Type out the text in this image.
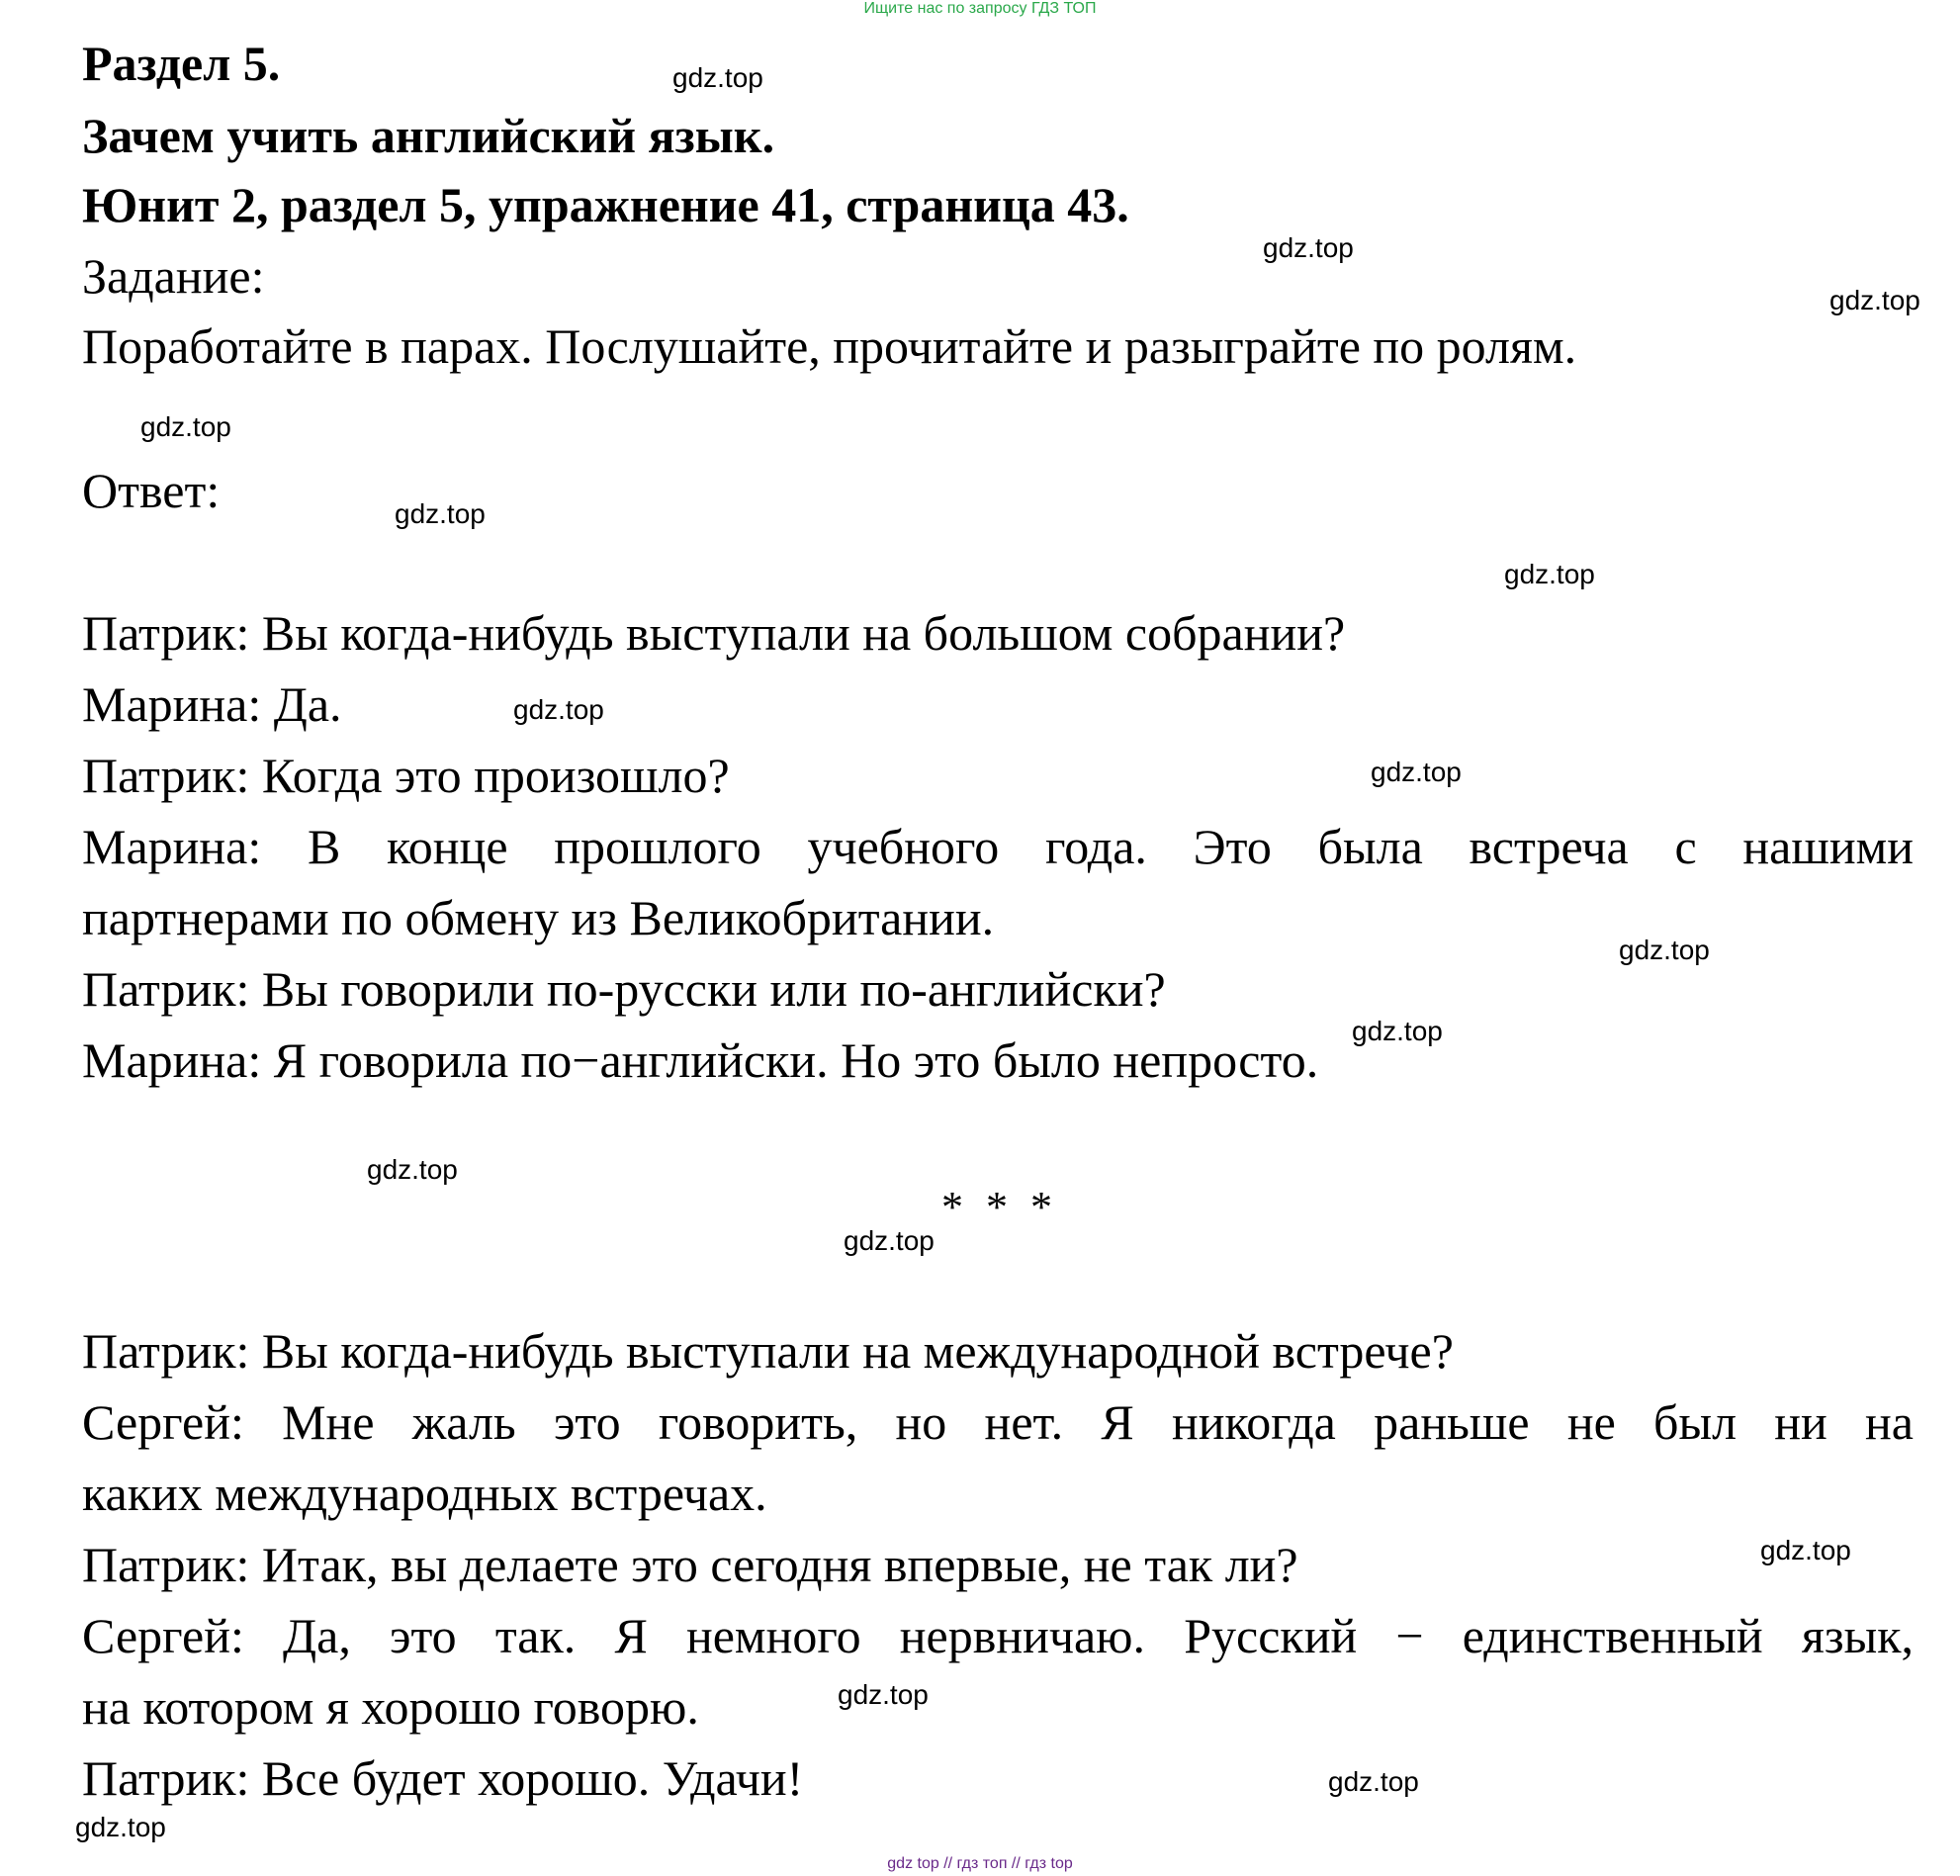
Ищите нас по запросу ГДЗ ТОП
Раздел 5.
Зачем учить английский язык.
Юнит 2, раздел 5, упражнение 41, страница 43.
Задание:
Поработайте в парах. Послушайте, прочитайте и разыграйте по ролям.
Ответ:
Патрик: Вы когда-нибудь выступали на большом собрании?
Марина: Да.
Патрик: Когда это произошло?
Марина: В конце прошлого учебного года. Это была встреча с нашими
партнерами по обмену из Великобритании.
Патрик: Вы говорили по-русски или по-английски?
Марина: Я говорила по−английски. Но это было непросто.
* * *
Патрик: Вы когда-нибудь выступали на международной встрече?
Сергей: Мне жаль это говорить, но нет. Я никогда раньше не был ни на
каких международных встречах.
Патрик: Итак, вы делаете это сегодня впервые, не так ли?
Сергей: Да, это так. Я немного нервничаю. Русский − единственный язык,
на котором я хорошо говорю.
Патрик: Все будет хорошо. Удачи!
gdz.top
gdz.top
gdz.top
gdz.top
gdz.top
gdz.top
gdz.top
gdz.top
gdz.top
gdz.top
gdz.top
gdz.top
gdz.top
gdz.top
gdz.top
gdz.top
gdz top // гдз топ // гдз top
